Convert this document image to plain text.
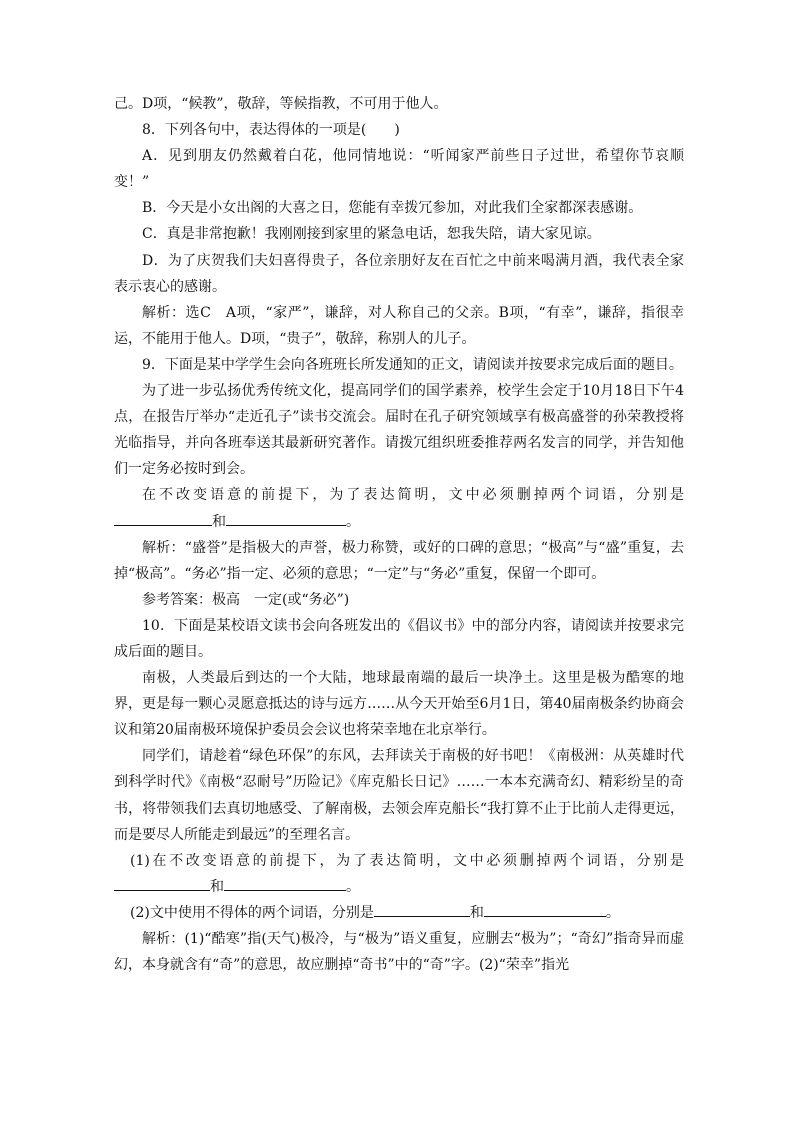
己。D项，“候教”，敬辞，等候指教，不可用于他人。

8．下列各句中，表达得体的一项是(　　)

A．见到朋友仍然戴着白花，他同情地说：“听闻家严前些日子过世，希望你节哀顺变！”

B．今天是小女出阁的大喜之日，您能有幸拨冗参加，对此我们全家都深表感谢。

C．真是非常抱歉！我刚刚接到家里的紧急电话，恕我失陪，请大家见谅。

D．为了庆贺我们夫妇喜得贵子，各位亲朋好友在百忙之中前来喝满月酒，我代表全家表示衷心的感谢。

解析：选C　A项，“家严”，谦辞，对人称自己的父亲。B项，“有幸”，谦辞，指很幸运，不能用于他人。D项，“贵子”，敬辞，称别人的儿子。

9．下面是某中学学生会向各班班长所发通知的正文，请阅读并按要求完成后面的题目。

为了进一步弘扬优秀传统文化，提高同学们的国学素养，校学生会定于10月18日下午4点，在报告厅举办“走近孔子”读书交流会。届时在孔子研究领域享有极高盛誉的孙荣教授将光临指导，并向各班奉送其最新研究著作。请拨冗组织班委推荐两名发言的同学，并告知他们一定务必按时到会。

在不改变语意的前提下，为了表达简明，文中必须删掉两个词语，分别是和	。

解析：“盛誉”是指极大的声誉，极力称赞，或好的口碑的意思；“极高”与“盛”重复，去掉“极高”。“务必”指一定、必须的意思；“一定”与“务必”重复，保留一个即可。

参考答案：极高　一定(或“务必”)

10．下面是某校语文读书会向各班发出的《倡议书》中的部分内容，请阅读并按要求完成后面的题目。

南极，人类最后到达的一个大陆，地球最南端的最后一块净土。这里是极为酷寒的地界，更是每一颗心灵愿意抵达的诗与远方……从今天开始至6月1日，第40届南极条约协商会议和第20届南极环境保护委员会会议也将荣幸地在北京举行。

同学们，请趁着“绿色环保”的东风，去拜读关于南极的好书吧！《南极洲：从英雄时代到科学时代》《南极“忍耐号”历险记》《库克船长日记》……一本本充满奇幻、精彩纷呈的奇书，将带领我们去真切地感受、了解南极，去领会库克船长“我打算不止于比前人走得更远，而是要尽人所能走到最远”的至理名言。

(1)在不改变语意的前提下，为了表达简明，文中必须删掉两个词语，分别是和	。

(2)文中使用不得体的两个词语，分别是	和	。

解析：(1)“酷寒”指(天气)极冷，与“极为”语义重复，应删去“极为”；“奇幻”指奇异而虚幻，本身就含有“奇”的意思，故应删掉“奇书”中的“奇”字。(2)“荣幸”指光
